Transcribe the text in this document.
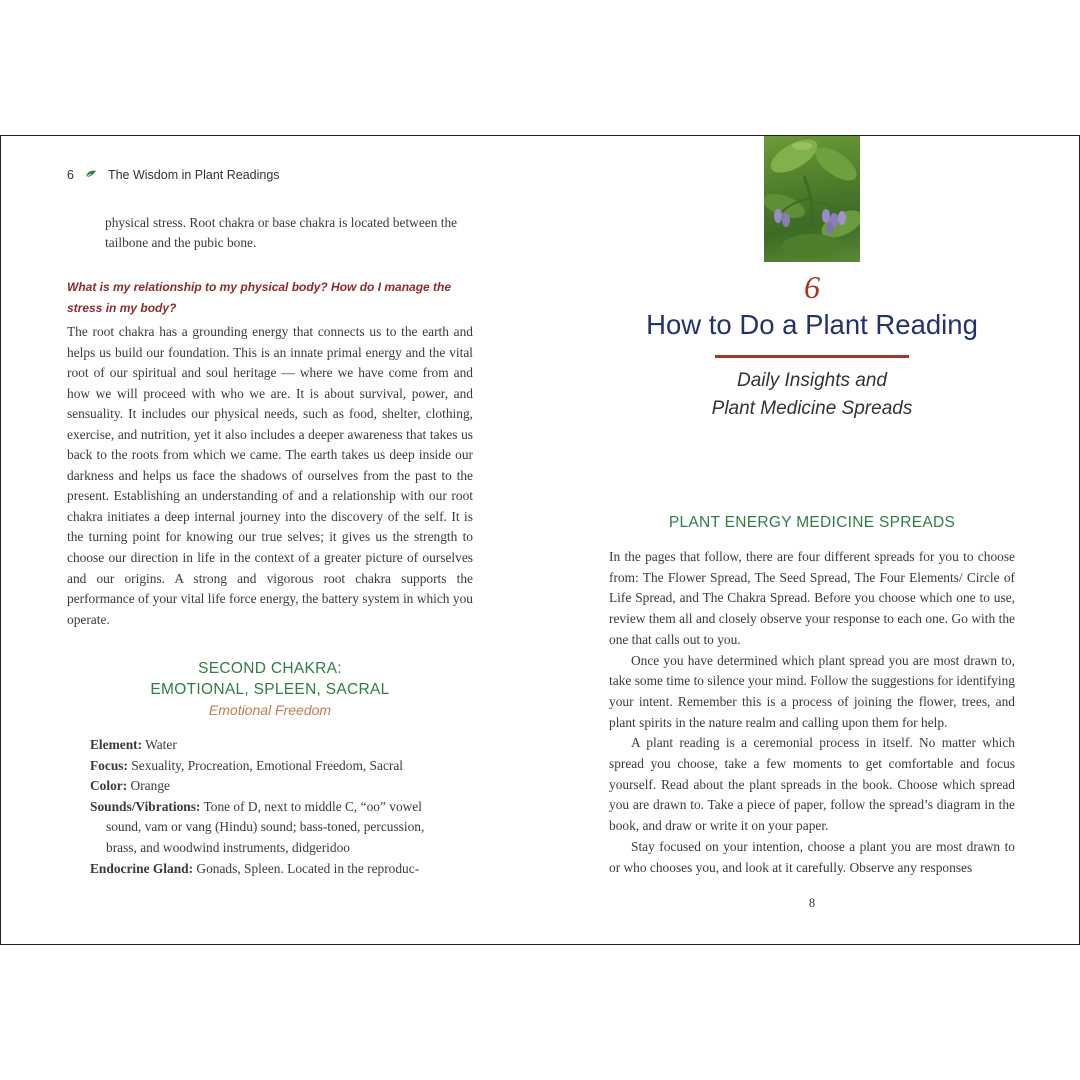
6	The Wisdom in Plant Readings

physical stress. Root chakra or base chakra is located between the tailbone and the pubic bone.

What is my relationship to my physical body? How do I manage the stress in my body?

The root chakra has a grounding energy that connects us to the earth and helps us build our foundation. This is an innate primal energy and the vital root of our spiritual and soul heritage — where we have come from and how we will proceed with who we are. It is about survival, power, and sensuality. It includes our physical needs, such as food, shelter, clothing, exercise, and nutrition, yet it also includes a deeper awareness that takes us back to the roots from which we came. The earth takes us deep inside our darkness and helps us face the shadows of ourselves from the past to the present. Establishing an understanding of and a relationship with our root chakra initiates a deep internal journey into the discovery of the self. It is the turning point for knowing our true selves; it gives us the strength to choose our direction in life in the context of a greater picture of ourselves and our origins. A strong and vigorous root chakra supports the performance of your vital life force energy, the battery system in which you operate.

SECOND CHAKRA:
EMOTIONAL, SPLEEN, SACRAL
Emotional Freedom
Element: Water
Focus: Sexuality, Procreation, Emotional Freedom, Sacral
Color: Orange
Sounds/Vibrations: Tone of D, next to middle C, “oo” vowel sound, vam or vang (Hindu) sound; bass-toned, percussion, brass, and woodwind instruments, didgeridoo
Endocrine Gland: Gonads, Spleen. Located in the reproduc-
6
How to Do a Plant Reading
Daily Insights and
Plant Medicine Spreads
PLANT ENERGY MEDICINE SPREADS

In the pages that follow, there are four different spreads for you to choose from: The Flower Spread, The Seed Spread, The Four Elements/ Circle of Life Spread, and The Chakra Spread. Before you choose which one to use, review them all and closely observe your response to each one. Go with the one that calls out to you.

Once you have determined which plant spread you are most drawn to, take some time to silence your mind. Follow the suggestions for identifying your intent. Remember this is a process of joining the flower, trees, and plant spirits in the nature realm and calling upon them for help.

A plant reading is a ceremonial process in itself. No matter which spread you choose, take a few moments to get comfortable and focus yourself. Read about the plant spreads in the book. Choose which spread you are drawn to. Take a piece of paper, follow the spread’s diagram in the book, and draw or write it on your paper.

Stay focused on your intention, choose a plant you are most drawn to or who chooses you, and look at it carefully. Observe any responses

8
